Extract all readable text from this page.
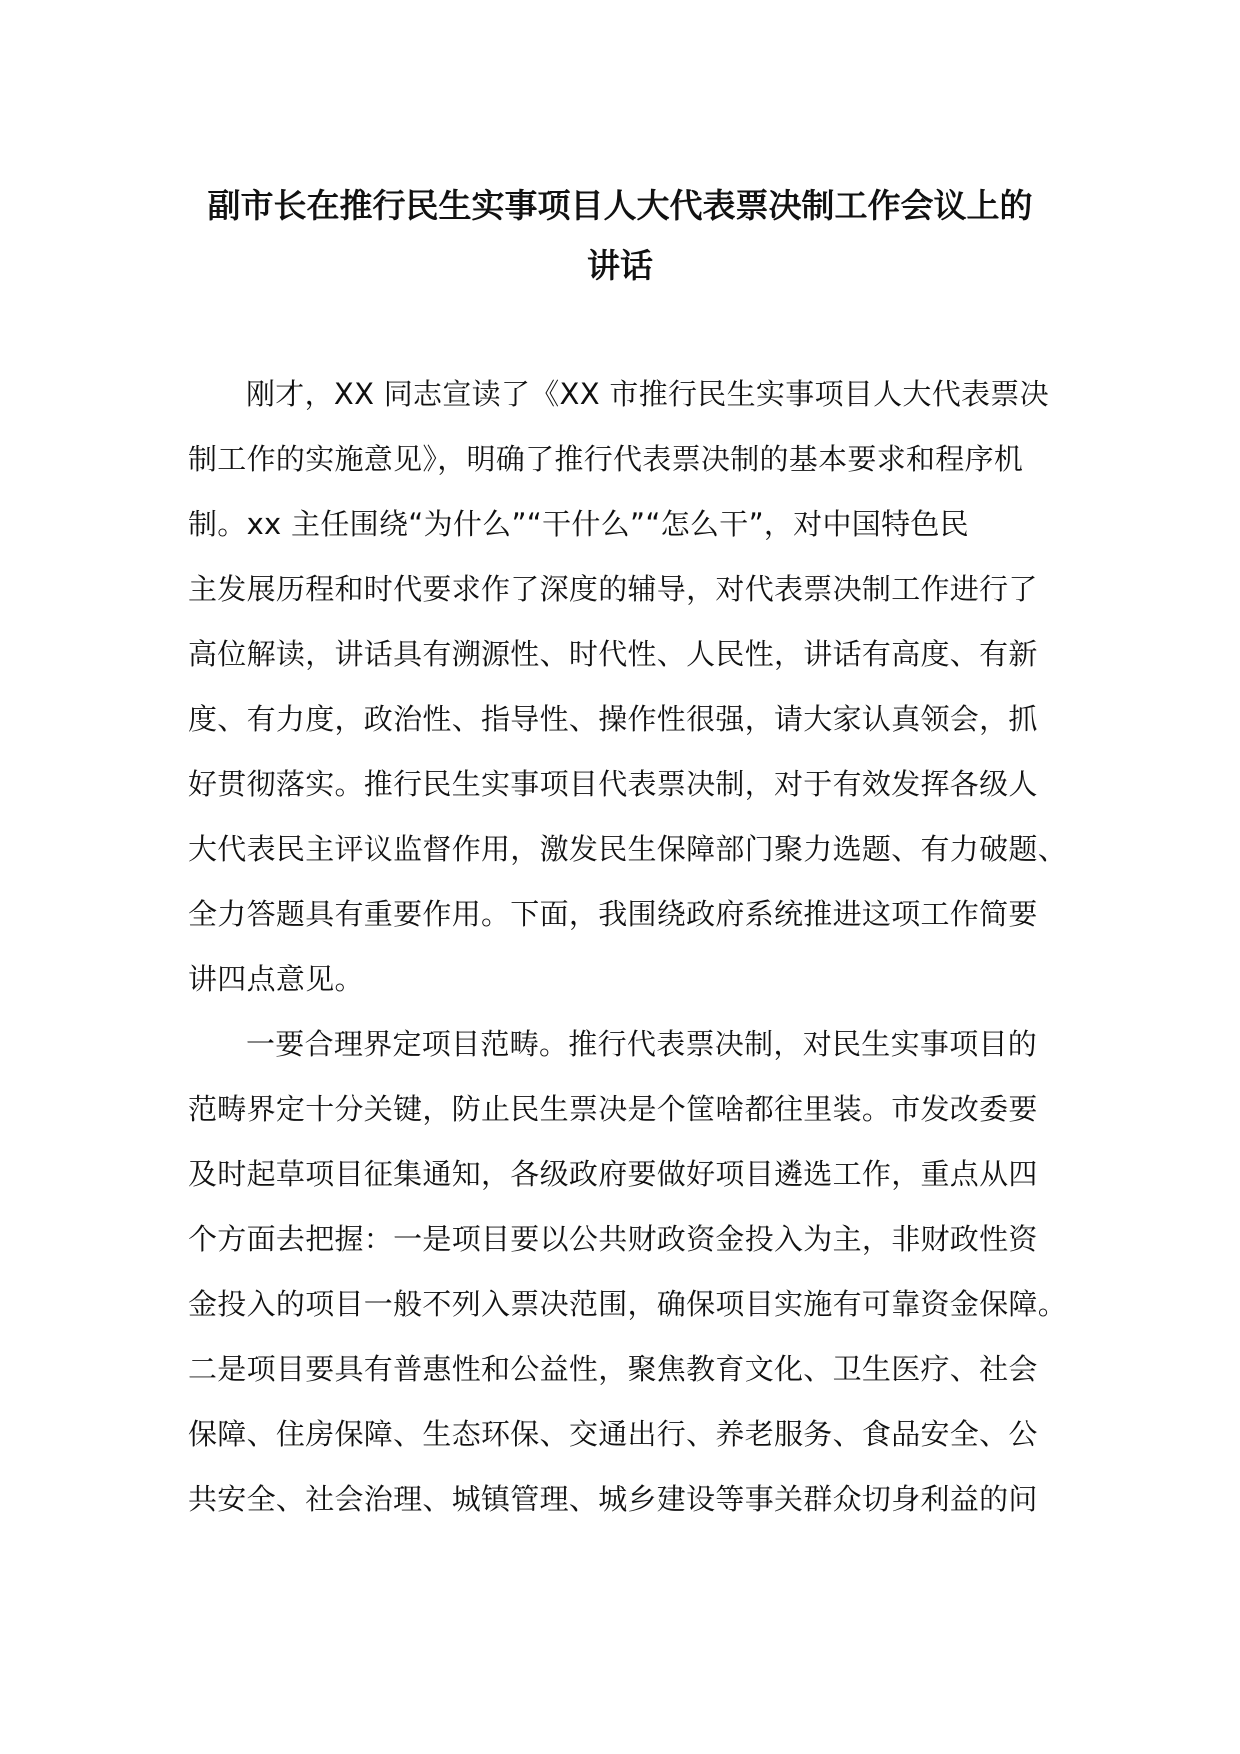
副市长在推行民生实事项目人大代表票决制工作会议上的
讲话
刚才，XX 同志宣读了《XX 市推行民生实事项目人大代表票决
制工作的实施意见》，明确了推行代表票决制的基本要求和程序机
制。xx 主任围绕“为什么”“干什么”“怎么干”，对中国特色民
主发展历程和时代要求作了深度的辅导，对代表票决制工作进行了
高位解读，讲话具有溯源性、时代性、人民性，讲话有高度、有新
度、有力度，政治性、指导性、操作性很强，请大家认真领会，抓
好贯彻落实。推行民生实事项目代表票决制，对于有效发挥各级人
大代表民主评议监督作用，激发民生保障部门聚力选题、有力破题、
全力答题具有重要作用。下面，我围绕政府系统推进这项工作简要
讲四点意见。
一要合理界定项目范畴。推行代表票决制，对民生实事项目的
范畴界定十分关键，防止民生票决是个筐啥都往里装。市发改委要
及时起草项目征集通知，各级政府要做好项目遴选工作，重点从四
个方面去把握：一是项目要以公共财政资金投入为主，非财政性资
金投入的项目一般不列入票决范围，确保项目实施有可靠资金保障。
二是项目要具有普惠性和公益性，聚焦教育文化、卫生医疗、社会
保障、住房保障、生态环保、交通出行、养老服务、食品安全、公
共安全、社会治理、城镇管理、城乡建设等事关群众切身利益的问
